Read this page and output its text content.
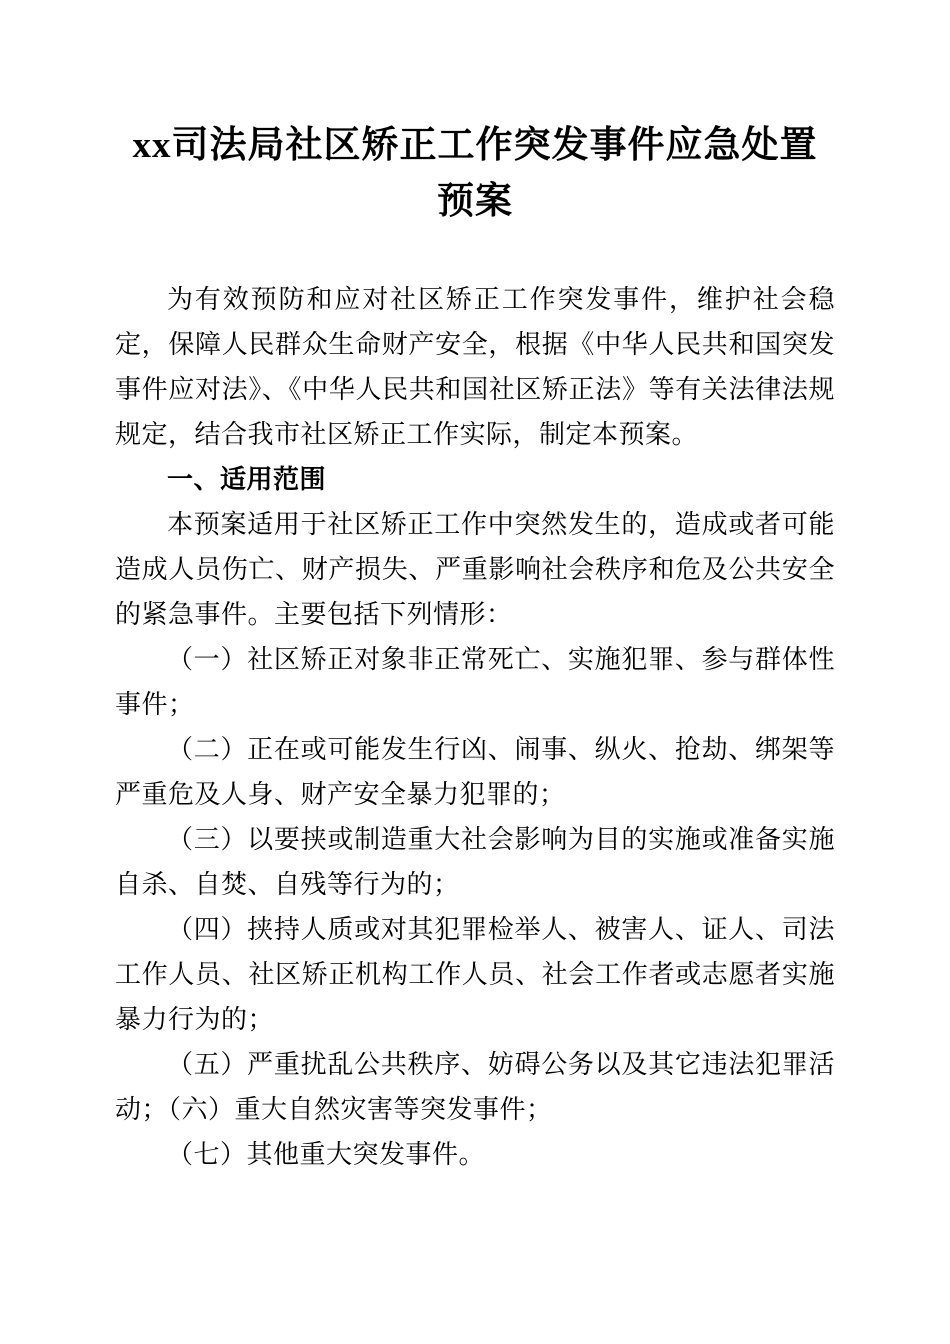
xx司法局社区矫正工作突发事件应急处置预案

为有效预防和应对社区矫正工作突发事件，维护社会稳定，保障人民群众生命财产安全，根据《中华人民共和国突发事件应对法》、《中华人民共和国社区矫正法》等有关法律法规规定，结合我市社区矫正工作实际，制定本预案。

一、适用范围

本预案适用于社区矫正工作中突然发生的，造成或者可能造成人员伤亡、财产损失、严重影响社会秩序和危及公共安全的紧急事件。主要包括下列情形：

（一）社区矫正对象非正常死亡、实施犯罪、参与群体性事件；

（二）正在或可能发生行凶、闹事、纵火、抢劫、绑架等严重危及人身、财产安全暴力犯罪的；

（三）以要挟或制造重大社会影响为目的实施或准备实施自杀、自焚、自残等行为的；

（四）挟持人质或对其犯罪检举人、被害人、证人、司法工作人员、社区矫正机构工作人员、社会工作者或志愿者实施暴力行为的；

（五）严重扰乱公共秩序、妨碍公务以及其它违法犯罪活动；（六）重大自然灾害等突发事件；

（七）其他重大突发事件。
